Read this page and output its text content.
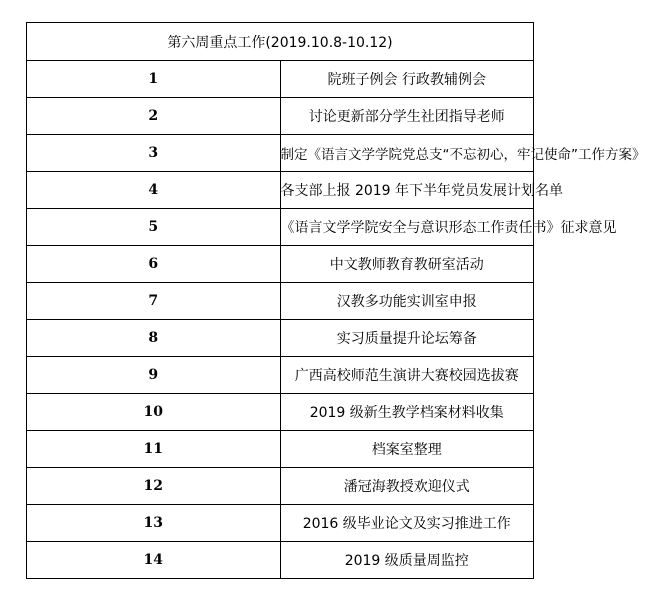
第六周重点工作(2019.10.8-10.12)	
1	院班子例会 行政教辅例会
2	讨论更新部分学生社团指导老师
3	制定《语言文学学院党总支“不忘初心，牢记使命”工作方案》
4	各支部上报 2019 年下半年党员发展计划名单
5	《语言文学学院安全与意识形态工作责任书》征求意见
6	中文教师教育教研室活动
7	汉教多功能实训室申报
8	实习质量提升论坛筹备
9	广西高校师范生演讲大赛校园选拔赛
10	2019 级新生教学档案材料收集
11	档案室整理
12	潘冠海教授欢迎仪式
13	2016 级毕业论文及实习推进工作
14	2019 级质量周监控
